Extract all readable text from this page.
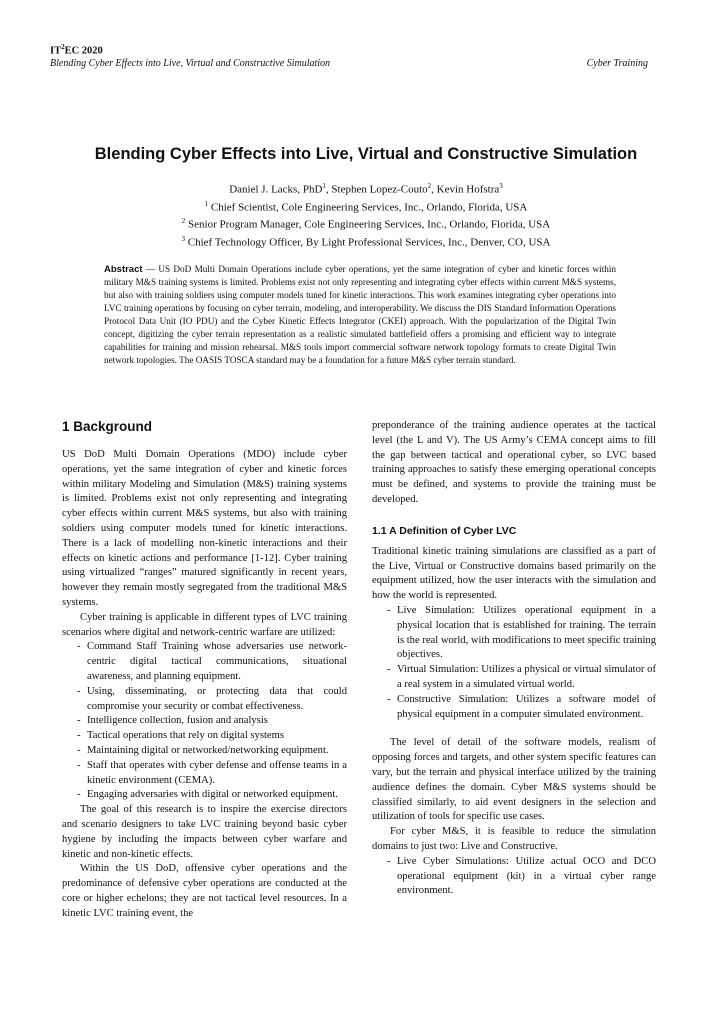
$IT^2EC$ 2020
Blending Cyber Effects into Live, Virtual and Constructive Simulation	Cyber Training
Blending Cyber Effects into Live, Virtual and Constructive Simulation
Daniel J. Lacks, PhD$^1$, Stephen Lopez-Couto$^2$, Kevin Hofstra$^3$
$^1$ Chief Scientist, Cole Engineering Services, Inc., Orlando, Florida, USA
$^2$ Senior Program Manager, Cole Engineering Services, Inc., Orlando, Florida, USA
$^3$ Chief Technology Officer, By Light Professional Services, Inc., Denver, CO, USA
Abstract — US DoD Multi Domain Operations include cyber operations, yet the same integration of cyber and kinetic forces within military M&S training systems is limited. Problems exist not only representing and integrating cyber effects within current M&S systems, but also with training soldiers using computer models tuned for kinetic interactions. This work examines integrating cyber operations into LVC training operations by focusing on cyber terrain, modeling, and interoperability. We discuss the DIS Standard Information Operations Protocol Data Unit (IO PDU) and the Cyber Kinetic Effects Integrator (CKEI) approach. With the popularization of the Digital Twin concept, digitizing the cyber terrain representation as a realistic simulated battlefield offers a promising and efficient way to integrate capabilities for training and mission rehearsal. M&S tools import commercial software network topology formats to create Digital Twin network topologies. The OASIS TOSCA standard may be a foundation for a future M&S cyber terrain standard.
1 Background

US DoD Multi Domain Operations (MDO) include cyber operations, yet the same integration of cyber and kinetic forces within military Modeling and Simulation (M&S) training systems is limited. Problems exist not only representing and integrating cyber effects within current M&S systems, but also with training soldiers using computer models tuned for kinetic interactions. There is a lack of modelling non-kinetic interactions and their effects on kinetic actions and performance [1-12]. Cyber training using virtualized “ranges” matured significantly in recent years, however they remain mostly segregated from the traditional M&S systems.

Cyber training is applicable in different types of LVC training scenarios where digital and network-centric warfare are utilized:

- Command Staff Training whose adversaries use network-centric digital tactical communications, situational awareness, and planning equipment.
- Using, disseminating, or protecting data that could compromise your security or combat effectiveness.
- Intelligence collection, fusion and analysis
- Tactical operations that rely on digital systems
- Maintaining digital or networked/networking equipment.
- Staff that operates with cyber defense and offense teams in a kinetic environment (CEMA).
- Engaging adversaries with digital or networked equipment.

The goal of this research is to inspire the exercise directors and scenario designers to take LVC training beyond basic cyber hygiene by including the impacts between cyber warfare and kinetic and non-kinetic effects.

Within the US DoD, offensive cyber operations and the predominance of defensive cyber operations are conducted at the core or higher echelons; they are not tactical level resources. In a kinetic LVC training event, the

preponderance of the training audience operates at the tactical level (the L and V). The US Army’s CEMA concept aims to fill the gap between tactical and operational cyber, so LVC based training approaches to satisfy these emerging operational concepts must be defined, and systems to provide the training must be developed.

1.1 A Definition of Cyber LVC

Traditional kinetic training simulations are classified as a part of the Live, Virtual or Constructive domains based primarily on the equipment utilized, how the user interacts with the simulation and how the world is represented.

- Live Simulation: Utilizes operational equipment in a physical location that is established for training. The terrain is the real world, with modifications to meet specific training objectives.
- Virtual Simulation: Utilizes a physical or virtual simulator of a real system in a simulated virtual world.
- Constructive Simulation: Utilizes a software model of physical equipment in a computer simulated environment.

The level of detail of the software models, realism of opposing forces and targets, and other system specific features can vary, but the terrain and physical interface utilized by the training audience defines the domain. Cyber M&S systems should be classified similarly, to aid event designers in the selection and utilization of tools for specific use cases.

For cyber M&S, it is feasible to reduce the simulation domains to just two: Live and Constructive.

- Live Cyber Simulations: Utilize actual OCO and DCO operational equipment (kit) in a virtual cyber range environment.
